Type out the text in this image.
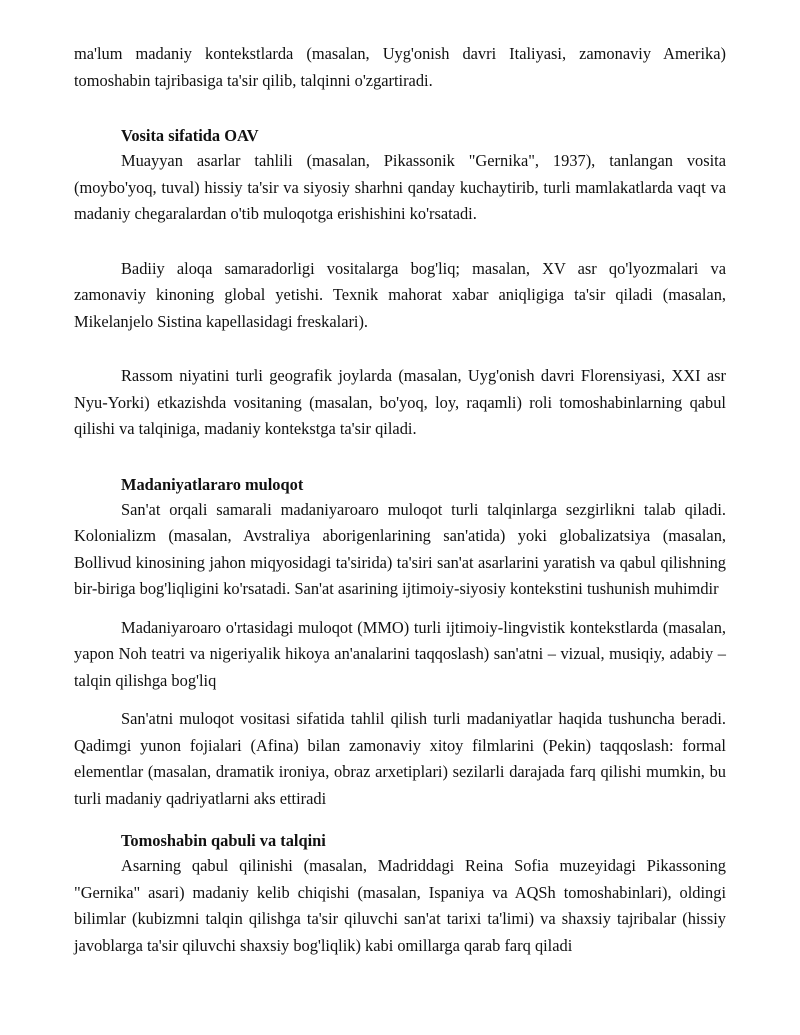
ma'lum madaniy kontekstlarda (masalan, Uyg'onish davri Italiyasi, zamonaviy Amerika) tomoshabin tajribasiga ta'sir qilib, talqinni o'zgartiradi.

Vosita sifatida OAV

Muayyan asarlar tahlili (masalan, Pikassonik "Gernika", 1937), tanlangan vosita (moybo'yoq, tuval) hissiy ta'sir va siyosiy sharhni qanday kuchaytirib, turli mamlakatlarda vaqt va madaniy chegaralardan o'tib muloqotga erishishini ko'rsatadi.

Badiiy aloqa samaradorligi vositalarga bog'liq; masalan, XV asr qo'lyozmalari va zamonaviy kinoning global yetishi. Texnik mahorat xabar aniqligiga ta'sir qiladi (masalan, Mikelanjelo Sistina kapellasidagi freskalari).

Rassom niyatini turli geografik joylarda (masalan, Uyg'onish davri Florensiyasi, XXI asr Nyu-Yorki) etkazishda vositaning (masalan, bo'yoq, loy, raqamli) roli tomoshabinlarning qabul qilishi va talqiniga, madaniy kontekstga ta'sir qiladi.

Madaniyatlararo muloqot

San'at orqali samarali madaniyaroaro muloqot turli talqinlarga sezgirlikni talab qiladi. Kolonializm (masalan, Avstraliya aborigenlarining san'atida) yoki globalizatsiya (masalan, Bollivud kinosining jahon miqyosidagi ta'sirida) ta'siri san'at asarlarini yaratish va qabul qilishning bir-biriga bog'liqligini ko'rsatadi. San'at asarining ijtimoiy-siyosiy kontekstini tushunish muhimdir

Madaniyaroaro o'rtasidagi muloqot (MMO) turli ijtimoiy-lingvistik kontekstlarda (masalan, yapon Noh teatri va nigeriyalik hikoya an'analarini taqqoslash) san'atni – vizual, musiqiy, adabiy – talqin qilishga bog'liq

San'atni muloqot vositasi sifatida tahlil qilish turli madaniyatlar haqida tushuncha beradi. Qadimgi yunon fojialari (Afina) bilan zamonaviy xitoy filmlarini (Pekin) taqqoslash: formal elementlar (masalan, dramatik ironiya, obraz arxetiplari) sezilarli darajada farq qilishi mumkin, bu turli madaniy qadriyatlarni aks ettiradi

Tomoshabin qabuli va talqini

Asarning qabul qilinishi (masalan, Madriddagi Reina Sofia muzeyidagi Pikassoning "Gernika" asari) madaniy kelib chiqishi (masalan, Ispaniya va AQSh tomoshabinlari), oldingi bilimlar (kubizmni talqin qilishga ta'sir qiluvchi san'at tarixi ta'limi) va shaxsiy tajribalar (hissiy javoblarga ta'sir qiluvchi shaxsiy bog'liqlik) kabi omillarga qarab farq qiladi
